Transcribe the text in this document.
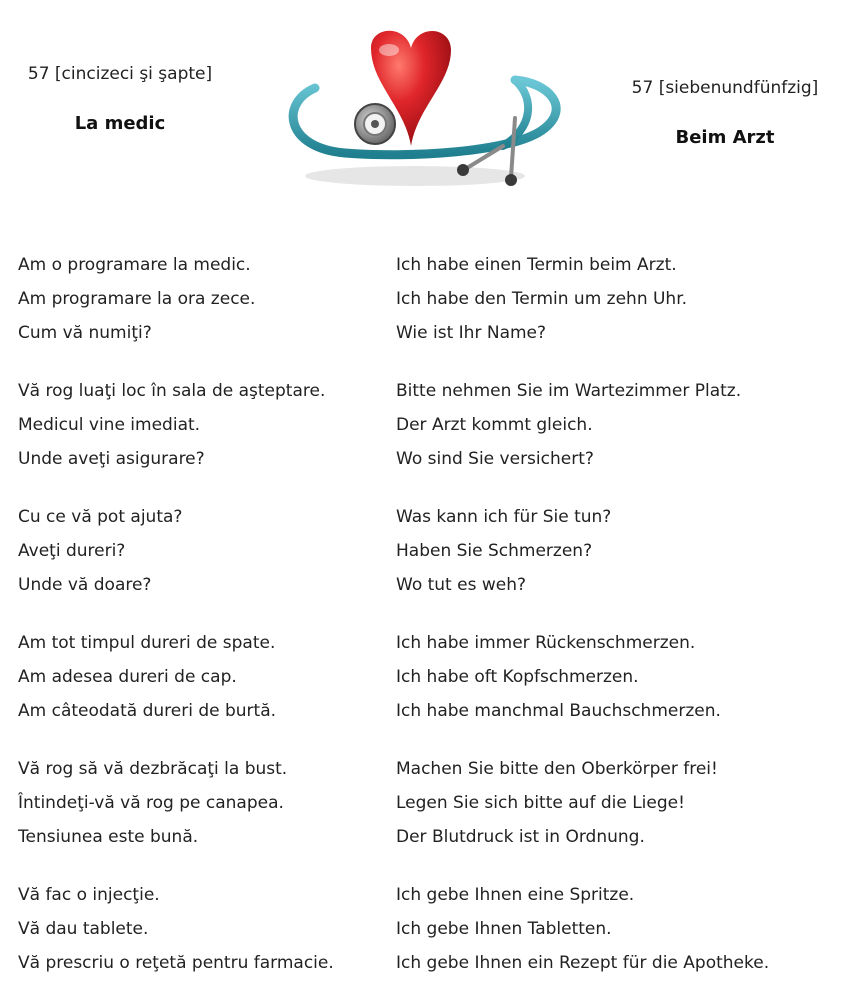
57 [cincizeci şi şapte]
La medic
57 [siebenundfünfzig]
Beim Arzt
Am o programare la medic.	Ich habe einen Termin beim Arzt.
Am programare la ora zece.	Ich habe den Termin um zehn Uhr.
Cum vă numiţi?	Wie ist Ihr Name?
Vă rog luaţi loc în sala de aşteptare.	Bitte nehmen Sie im Wartezimmer Platz.
Medicul vine imediat.	Der Arzt kommt gleich.
Unde aveţi asigurare?	Wo sind Sie versichert?
Cu ce vă pot ajuta?	Was kann ich für Sie tun?
Aveţi dureri?	Haben Sie Schmerzen?
Unde vă doare?	Wo tut es weh?
Am tot timpul dureri de spate.	Ich habe immer Rückenschmerzen.
Am adesea dureri de cap.	Ich habe oft Kopfschmerzen.
Am câteodată dureri de burtă.	Ich habe manchmal Bauchschmerzen.
Vă rog să vă dezbrăcaţi la bust.	Machen Sie bitte den Oberkörper frei!
Întindeţi-vă vă rog pe canapea.	Legen Sie sich bitte auf die Liege!
Tensiunea este bună.	Der Blutdruck ist in Ordnung.
Vă fac o injecţie.	Ich gebe Ihnen eine Spritze.
Vă dau tablete.	Ich gebe Ihnen Tabletten.
Vă prescriu o reţetă pentru farmacie.	Ich gebe Ihnen ein Rezept für die Apotheke.
